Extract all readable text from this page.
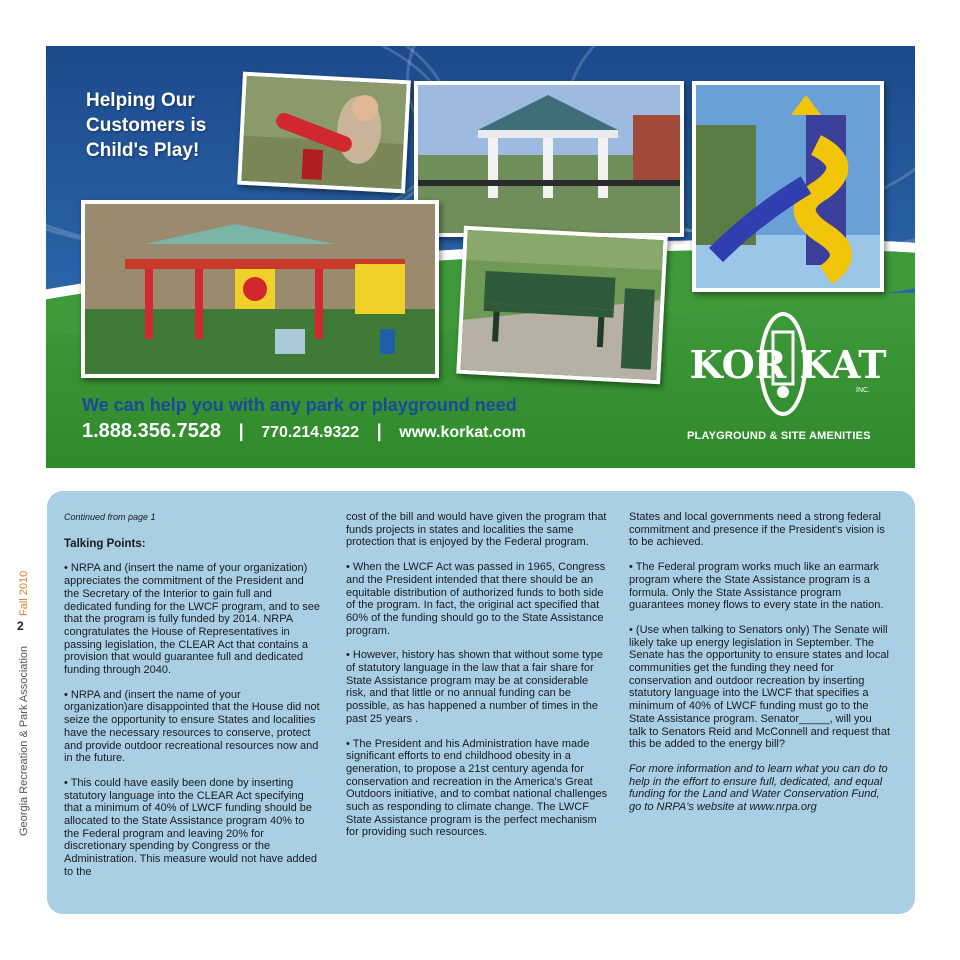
Helping Our Customers is Child's Play!
We can help you with any park or playground need
1.888.356.7528 | 770.214.9322 | www.korkat.com
KOR KAT
INC.
PLAYGROUND & SITE AMENITIES
Fall 2010
2
Georgia Recreation & Park Association

Continued from page 1

Talking Points:

• NRPA and (insert the name of your organization) appreciates the commitment of the President and the Secretary of the Interior to gain full and dedicated funding for the LWCF program, and to see that the program is fully funded by 2014. NRPA congratulates the House of Representatives in passing legislation, the CLEAR Act that contains a provision that would guarantee full and dedicated funding through 2040.

• NRPA and (insert the name of your organization)are disappointed that the House did not seize the opportunity to ensure States and localities have the necessary resources to conserve, protect and provide outdoor recreational resources now and in the future.

• This could have easily been done by inserting statutory language into the CLEAR Act specifying that a minimum of 40% of LWCF funding should be allocated to the State Assistance program 40% to the Federal program and leaving 20% for discretionary spending by Congress or the Administration. This measure would not have added to the

cost of the bill and would have given the program that funds projects in states and localities the same protection that is enjoyed by the Federal program.

• When the LWCF Act was passed in 1965, Congress and the President intended that there should be an equitable distribution of authorized funds to both side of the program. In fact, the original act specified that 60% of the funding should go to the State Assistance program.

• However, history has shown that without some type of statutory language in the law that a fair share for State Assistance program may be at considerable risk, and that little or no annual funding can be possible, as has happened a number of times in the past 25 years .

• The President and his Administration have made significant efforts to end childhood obesity in a generation, to propose a 21st century agenda for conservation and recreation in the America's Great Outdoors initiative, and to combat national challenges such as responding to climate change. The LWCF State Assistance program is the perfect mechanism for providing such resources.

States and local governments need a strong federal commitment and presence if the President's vision is to be achieved.

• The Federal program works much like an earmark program where the State Assistance program is a formula. Only the State Assistance program guarantees money flows to every state in the nation.

• (Use when talking to Senators only) The Senate will likely take up energy legislation in September. The Senate has the opportunity to ensure states and local communities get the funding they need for conservation and outdoor recreation by inserting statutory language into the LWCF that specifies a minimum of 40% of LWCF funding must go to the State Assistance program. Senator_____, will you talk to Senators Reid and McConnell and request that this be added to the energy bill?

For more information and to learn what you can do to help in the effort to ensure full, dedicated, and equal funding for the Land and Water Conservation Fund, go to NRPA's website at www.nrpa.org
